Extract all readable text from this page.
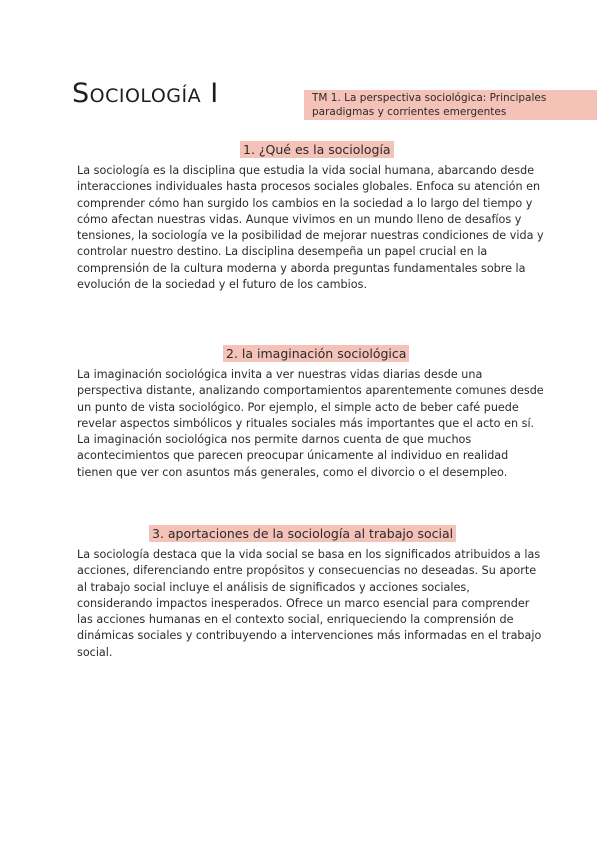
Sociología I	TM 1. La perspectiva sociológica: Principales paradigmas y corrientes emergentes
1. ¿Qué es la sociología

La sociología es la disciplina que estudia la vida social humana, abarcando desde interacciones individuales hasta procesos sociales globales. Enfoca su atención en comprender cómo han surgido los cambios en la sociedad a lo largo del tiempo y cómo afectan nuestras vidas. Aunque vivimos en un mundo lleno de desafíos y tensiones, la sociología ve la posibilidad de mejorar nuestras condiciones de vida y controlar nuestro destino. La disciplina desempeña un papel crucial en la comprensión de la cultura moderna y aborda preguntas fundamentales sobre la evolución de la sociedad y el futuro de los cambios.

2. la imaginación sociológica

La imaginación sociológica invita a ver nuestras vidas diarias desde una perspectiva distante, analizando comportamientos aparentemente comunes desde un punto de vista sociológico. Por ejemplo, el simple acto de beber café puede revelar aspectos simbólicos y rituales sociales más importantes que el acto en sí. La imaginación sociológica nos permite darnos cuenta de que muchos acontecimientos que parecen preocupar únicamente al individuo en realidad tienen que ver con asuntos más generales, como el divorcio o el desempleo.

3. aportaciones de la sociología al trabajo social

La sociología destaca que la vida social se basa en los significados atribuidos a las acciones, diferenciando entre propósitos y consecuencias no deseadas. Su aporte al trabajo social incluye el análisis de significados y acciones sociales, considerando impactos inesperados. Ofrece un marco esencial para comprender las acciones humanas en el contexto social, enriqueciendo la comprensión de dinámicas sociales y contribuyendo a intervenciones más informadas en el trabajo social.
